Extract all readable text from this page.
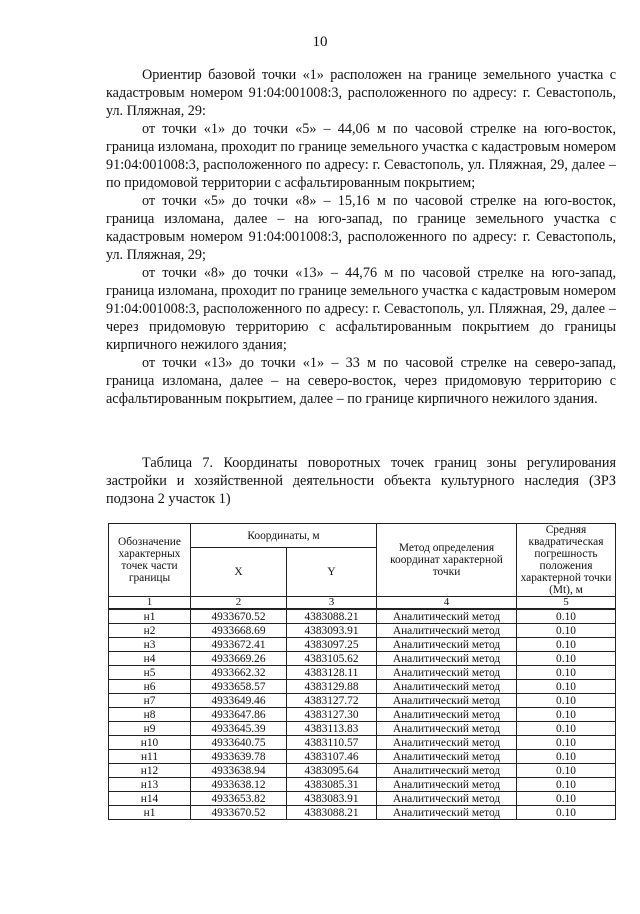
10

Ориентир базовой точки «1» расположен на границе земельного участка с кадастровым номером 91:04:001008:3, расположенного по адресу: г. Севастополь, ул. Пляжная, 29:

от точки «1» до точки «5» – 44,06 м по часовой стрелке на юго-восток, граница изломана, проходит по границе земельного участка с кадастровым номером 91:04:001008:3, расположенного по адресу: г. Севастополь, ул. Пляжная, 29, далее – по придомовой территории с асфальтированным покрытием;

от точки «5» до точки «8» – 15,16 м по часовой стрелке на юго-восток, граница изломана, далее – на юго-запад, по границе земельного участка с кадастровым номером 91:04:001008:3, расположенного по адресу: г. Севастополь, ул. Пляжная, 29;

от точки «8» до точки «13» – 44,76 м по часовой стрелке на юго-запад, граница изломана, проходит по границе земельного участка с кадастровым номером 91:04:001008:3, расположенного по адресу: г. Севастополь, ул. Пляжная, 29, далее – через придомовую территорию с асфальтированным покрытием до границы кирпичного нежилого здания;

от точки «13» до точки «1» – 33 м по часовой стрелке на северо-запад, граница изломана, далее – на северо-восток, через придомовую территорию с асфальтированным покрытием, далее – по границе кирпичного нежилого здания.

Таблица 7. Координаты поворотных точек границ зоны регулирования застройки и хозяйственной деятельности объекта культурного наследия (ЗРЗ подзона 2 участок 1)
Обозначение характерных точек части границы	Координаты, м		Метод определения координат характерной точки	Средняя квадратическая погрешность положения характерной точки (Mt), м
	X	Y		
1	2	3	4	5
н1	4933670.52	4383088.21	Аналитический метод	0.10
н2	4933668.69	4383093.91	Аналитический метод	0.10
н3	4933672.41	4383097.25	Аналитический метод	0.10
н4	4933669.26	4383105.62	Аналитический метод	0.10
н5	4933662.32	4383128.11	Аналитический метод	0.10
н6	4933658.57	4383129.88	Аналитический метод	0.10
н7	4933649.46	4383127.72	Аналитический метод	0.10
н8	4933647.86	4383127.30	Аналитический метод	0.10
н9	4933645.39	4383113.83	Аналитический метод	0.10
н10	4933640.75	4383110.57	Аналитический метод	0.10
н11	4933639.78	4383107.46	Аналитический метод	0.10
н12	4933638.94	4383095.64	Аналитический метод	0.10
н13	4933638.12	4383085.31	Аналитический метод	0.10
н14	4933653.82	4383083.91	Аналитический метод	0.10
н1	4933670.52	4383088.21	Аналитический метод	0.10
